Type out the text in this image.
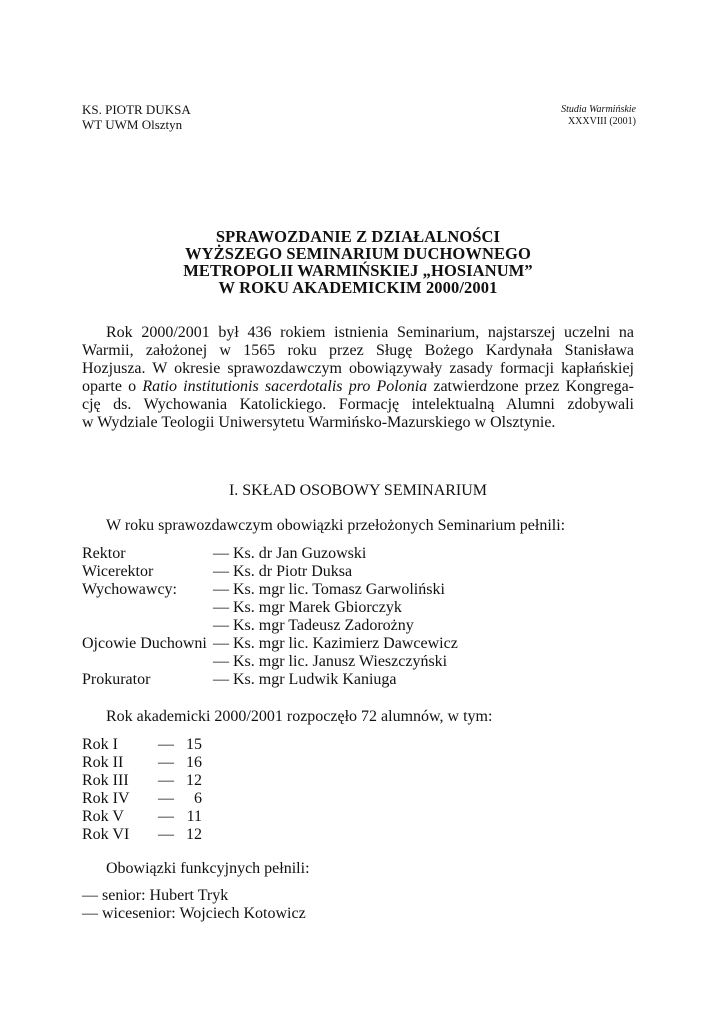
KS. PIOTR DUKSA
WT UWM Olsztyn
Studia Warmińskie
XXXVIII (2001)
SPRAWOZDANIE Z DZIAŁALNOŚCI
WYŻSZEGO SEMINARIUM DUCHOWNEGO
METROPOLII WARMIŃSKIEJ „HOSIANUM”
W ROKU AKADEMICKIM 2000/2001
Rok 2000/2001 był 436 rokiem istnienia Seminarium, najstarszej uczelni na
Warmii, założonej w 1565 roku przez Sługę Bożego Kardynała Stanisława
Hozjusza. W okresie sprawozdawczym obowiązywały zasady formacji kapłańskiej
oparte o Ratio institutionis sacerdotalis pro Polonia zatwierdzone przez Kongrega-
cję ds. Wychowania Katolickiego. Formację intelektualną Alumni zdobywali
w Wydziale Teologii Uniwersytetu Warmińsko-Mazurskiego w Olsztynie.
I. SKŁAD OSOBOWY SEMINARIUM
W roku sprawozdawczym obowiązki przełożonych Seminarium pełnili:
Rektor	— Ks. dr Jan Guzowski
Wicerektor	— Ks. dr Piotr Duksa
Wychowawcy: — Ks. mgr lic. Tomasz Garwoliński
— Ks. mgr Marek Gbiorczyk
— Ks. mgr Tadeusz Zadorożny
Ojcowie Duchowni — Ks. mgr lic. Kazimierz Dawcewicz
— Ks. mgr lic. Janusz Wieszczyński
Prokurator	— Ks. mgr Ludwik Kaniuga
Rok akademicki 2000/2001 rozpoczęło 72 alumnów, w tym:
Rok I	— 15
Rok II — 16
Rok III — 12
Rok IV —	6
Rok V — 11
Rok VI — 12
Obowiązki funkcyjnych pełnili:
— senior: Hubert Tryk
— wicesenior: Wojciech Kotowicz
